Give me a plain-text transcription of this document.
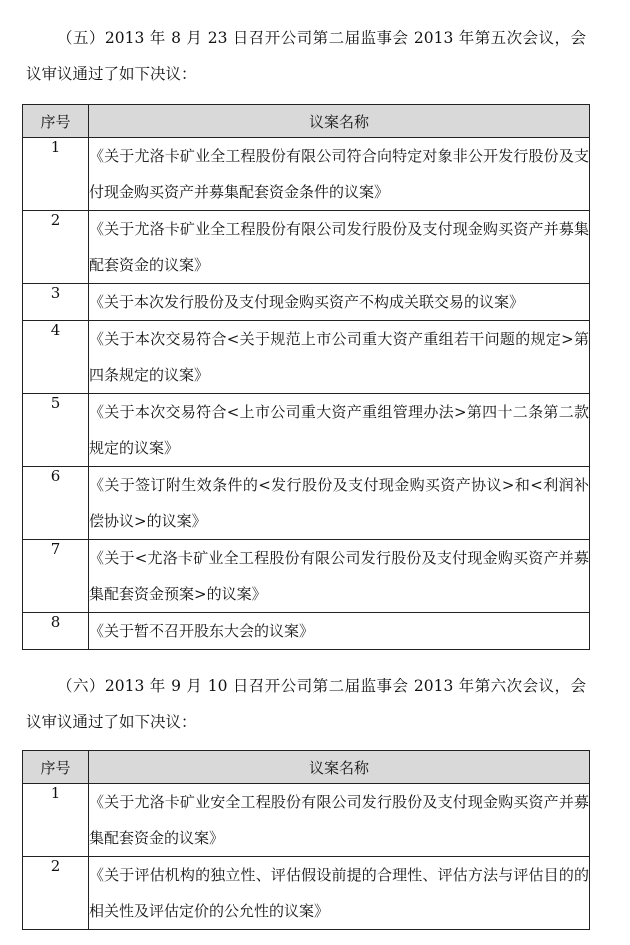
（五）2013 年 8 月 23 日召开公司第二届监事会 2013 年第五次会议，会议审议通过了如下决议：

序号	议案名称
1	《关于尤洛卡矿业全工程股份有限公司符合向特定对象非公开发行股份及支付现金购买资产并募集配套资金条件的议案》
2	《关于尤洛卡矿业全工程股份有限公司发行股份及支付现金购买资产并募集配套资金的议案》
3	《关于本次发行股份及支付现金购买资产不构成关联交易的议案》
4	《关于本次交易符合<关于规范上市公司重大资产重组若干问题的规定>第四条规定的议案》
5	《关于本次交易符合<上市公司重大资产重组管理办法>第四十二条第二款规定的议案》
6	《关于签订附生效条件的<发行股份及支付现金购买资产协议>和<利润补偿协议>的议案》
7	《关于<尤洛卡矿业全工程股份有限公司发行股份及支付现金购买资产并募集配套资金预案>的议案》
8	《关于暂不召开股东大会的议案》

（六）2013 年 9 月 10 日召开公司第二届监事会 2013 年第六次会议，会议审议通过了如下决议：

序号	议案名称
1	《关于尤洛卡矿业安全工程股份有限公司发行股份及支付现金购买资产并募集配套资金的议案》
2	《关于评估机构的独立性、评估假设前提的合理性、评估方法与评估目的的相关性及评估定价的公允性的议案》
